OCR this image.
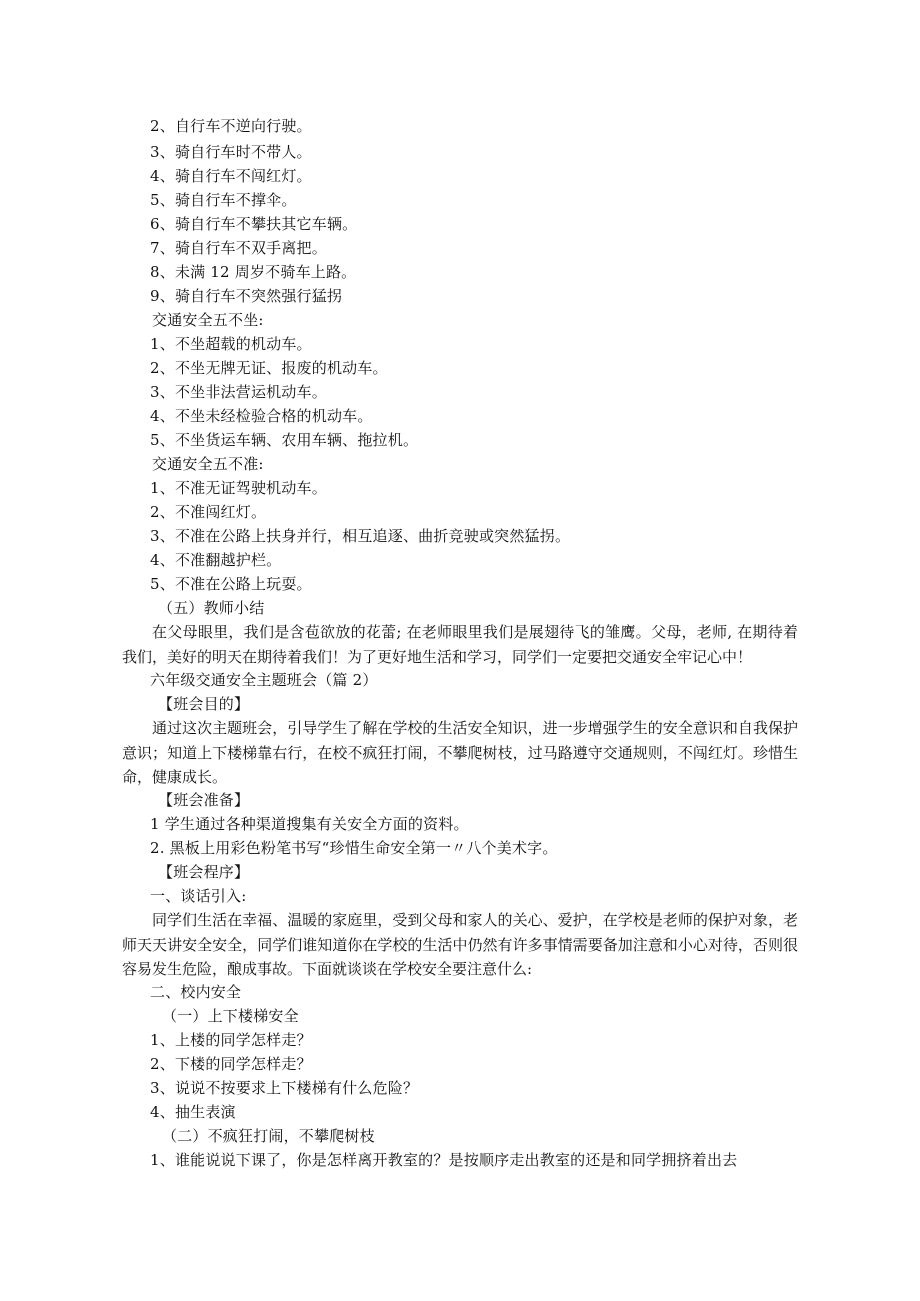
2、自行车不逆向行驶。
3、骑自行车时不带人。
4、骑自行车不闯红灯。
5、骑自行车不撑伞。
6、骑自行车不攀扶其它车辆。
7、骑自行车不双手离把。
8、未满 12 周岁不骑车上路。
9、骑自行车不突然强行猛拐
交通安全五不坐:
1、不坐超载的机动车。
2、不坐无牌无证、报废的机动车。
3、不坐非法营运机动车。
4、不坐未经检验合格的机动车。
5、不坐货运车辆、农用车辆、拖拉机。
交通安全五不准:
1、不准无证驾驶机动车。
2、不准闯红灯。
3、不准在公路上扶身并行，相互追逐、曲折竞驶或突然猛拐。
4、不准翻越护栏。
5、不准在公路上玩耍。
（五）教师小结
在父母眼里，我们是含苞欲放的花蕾; 在老师眼里我们是展翅待飞的雏鹰。父母，老师, 在期待着我们，美好的明天在期待着我们！为了更好地生活和学习，同学们一定要把交通安全牢记心中！
六年级交通安全主题班会（篇 2）
【班会目的】
通过这次主题班会，引导学生了解在学校的生活安全知识，进一步增强学生的安全意识和自我保护意识；知道上下楼梯靠右行，在校不疯狂打闹，不攀爬树枝，过马路遵守交通规则，不闯红灯。珍惜生命，健康成长。
【班会准备】
1 学生通过各种渠道搜集有关安全方面的资料。
2. 黑板上用彩色粉笔书写“珍惜生命安全第一〃八个美术字。
【班会程序】
一、谈话引入:
同学们生活在幸福、温暖的家庭里，受到父母和家人的关心、爱护，在学校是老师的保护对象，老师天天讲安全安全，同学们谁知道你在学校的生活中仍然有许多事情需要备加注意和小心对待，否则很容易发生危险，酿成事故。下面就谈谈在学校安全要注意什么:
二、校内安全
（一）上下楼梯安全
1、上楼的同学怎样走？
2、下楼的同学怎样走？
3、说说不按要求上下楼梯有什么危险？
4、抽生表演
（二）不疯狂打闹，不攀爬树枝
1、谁能说说下课了，你是怎样离开教室的？是按顺序走出教室的还是和同学拥挤着出去
